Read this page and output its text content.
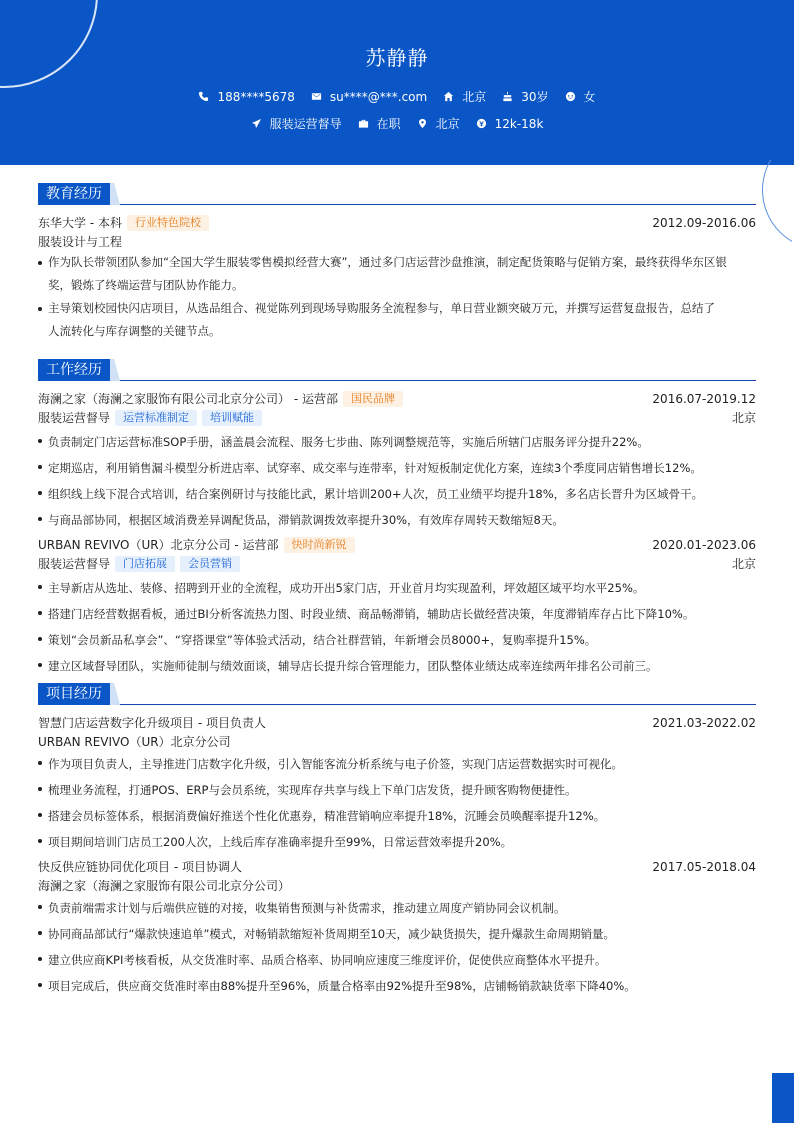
苏静静
188****5678	su****@***.com	北京	30岁	女
服装运营督导	在职	北京	12k-18k
教育经历
东华大学 - 本科	行业特色院校	2012.09-2016.06
服装设计与工程
作为队长带领团队参加“全国大学生服装零售模拟经营大赛”，通过多门店运营沙盘推演，制定配货策略与促销方案，最终获得华东区银
奖，锻炼了终端运营与团队协作能力。
主导策划校园快闪店项目，从选品组合、视觉陈列到现场导购服务全流程参与，单日营业额突破万元，并撰写运营复盘报告，总结了
人流转化与库存调整的关键节点。
工作经历
海澜之家（海澜之家服饰有限公司北京分公司） - 运营部	国民品牌	2016.07-2019.12
服装运营督导	运营标准制定	培训赋能	北京
负责制定门店运营标准SOP手册，涵盖晨会流程、服务七步曲、陈列调整规范等，实施后所辖门店服务评分提升22%。
定期巡店，利用销售漏斗模型分析进店率、试穿率、成交率与连带率，针对短板制定优化方案，连续3个季度同店销售增长12%。
组织线上线下混合式培训，结合案例研讨与技能比武，累计培训200+人次，员工业绩平均提升18%，多名店长晋升为区域骨干。
与商品部协同，根据区域消费差异调配货品，滞销款调拨效率提升30%，有效库存周转天数缩短8天。
URBAN REVIVO（UR）北京分公司 - 运营部	快时尚新锐	2020.01-2023.06
服装运营督导	门店拓展	会员营销	北京
主导新店从选址、装修、招聘到开业的全流程，成功开出5家门店，开业首月均实现盈利，坪效超区域平均水平25%。
搭建门店经营数据看板，通过BI分析客流热力图、时段业绩、商品畅滞销，辅助店长做经营决策，年度滞销库存占比下降10%。
策划“会员新品私享会”、“穿搭课堂”等体验式活动，结合社群营销，年新增会员8000+，复购率提升15%。
建立区域督导团队，实施师徒制与绩效面谈，辅导店长提升综合管理能力，团队整体业绩达成率连续两年排名公司前三。
项目经历
智慧门店运营数字化升级项目 - 项目负责人	2021.03-2022.02
URBAN REVIVO（UR）北京分公司
作为项目负责人，主导推进门店数字化升级，引入智能客流分析系统与电子价签，实现门店运营数据实时可视化。
梳理业务流程，打通POS、ERP与会员系统，实现库存共享与线上下单门店发货，提升顾客购物便捷性。
搭建会员标签体系，根据消费偏好推送个性化优惠券，精准营销响应率提升18%，沉睡会员唤醒率提升12%。
项目期间培训门店员工200人次，上线后库存准确率提升至99%，日常运营效率提升20%。
快反供应链协同优化项目 - 项目协调人	2017.05-2018.04
海澜之家（海澜之家服饰有限公司北京分公司）
负责前端需求计划与后端供应链的对接，收集销售预测与补货需求，推动建立周度产销协同会议机制。
协同商品部试行“爆款快速追单”模式，对畅销款缩短补货周期至10天，减少缺货损失，提升爆款生命周期销量。
建立供应商KPI考核看板，从交货准时率、品质合格率、协同响应速度三维度评价，促使供应商整体水平提升。
项目完成后，供应商交货准时率由88%提升至96%，质量合格率由92%提升至98%，店铺畅销款缺货率下降40%。
